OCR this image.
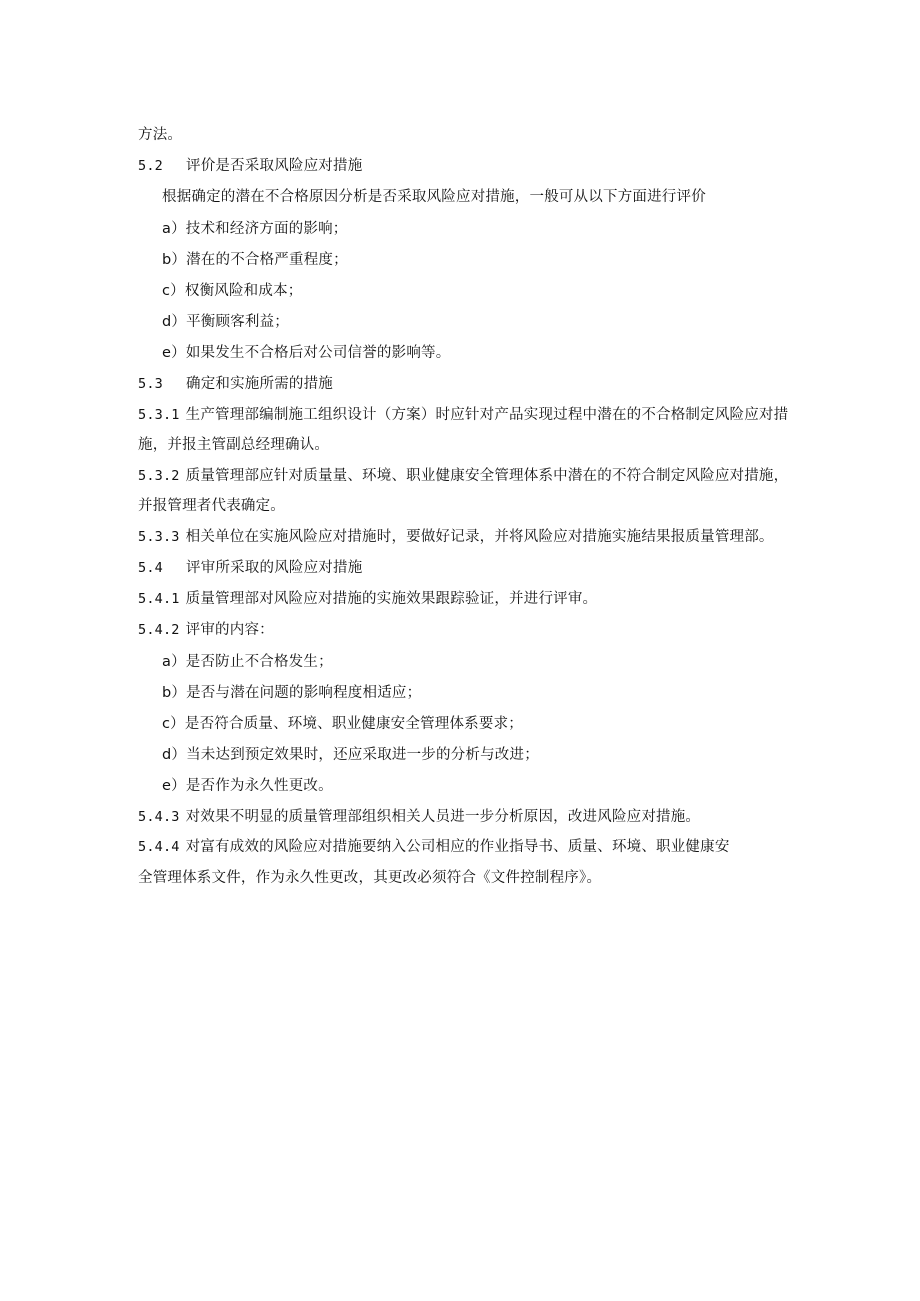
方法。
5.2 评价是否采取风险应对措施
根据确定的潜在不合格原因分析是否采取风险应对措施，一般可从以下方面进行评价
a）技术和经济方面的影响；
b）潜在的不合格严重程度；
c）权衡风险和成本；
d）平衡顾客利益；
e）如果发生不合格后对公司信誉的影响等。
5.3 确定和实施所需的措施
5.3.1 生产管理部编制施工组织设计（方案）时应针对产品实现过程中潜在的不合格制定风险应对措
施，并报主管副总经理确认。
5.3.2 质量管理部应针对质量量、环境、职业健康安全管理体系中潜在的不符合制定风险应对措施，
并报管理者代表确定。
5.3.3 相关单位在实施风险应对措施时，要做好记录，并将风险应对措施实施结果报质量管理部。
5.4 评审所采取的风险应对措施
5.4.1 质量管理部对风险应对措施的实施效果跟踪验证，并进行评审。
5.4.2 评审的内容：
a）是否防止不合格发生；
b）是否与潜在问题的影响程度相适应；
c）是否符合质量、环境、职业健康安全管理体系要求；
d）当未达到预定效果时，还应采取进一步的分析与改进；
e）是否作为永久性更改。
5.4.3 对效果不明显的质量管理部组织相关人员进一步分析原因，改进风险应对措施。
5.4.4 对富有成效的风险应对措施要纳入公司相应的作业指导书、质量、环境、职业健康安
全管理体系文件，作为永久性更改，其更改必须符合《文件控制程序》。
